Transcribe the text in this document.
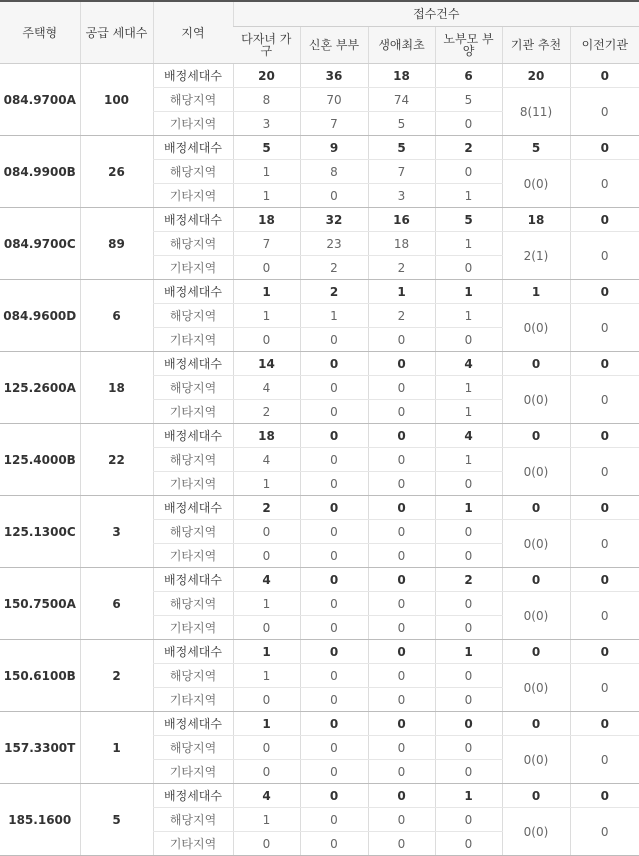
주택형	공급 세대수	지역	접수건수					
			다자녀 가구	신혼 부부	생애최초	노부모 부양	기관 추천	이전기관
084.9700A	100	배정세대수	20	36	18	6	20	0
		해당지역	8	70	74	5	8(11)	0
		기타지역	3	7	5	0		
084.9900B	26	배정세대수	5	9	5	2	5	0
		해당지역	1	8	7	0	0(0)	0
		기타지역	1	0	3	1		
084.9700C	89	배정세대수	18	32	16	5	18	0
		해당지역	7	23	18	1	2(1)	0
		기타지역	0	2	2	0		
084.9600D	6	배정세대수	1	2	1	1	1	0
		해당지역	1	1	2	1	0(0)	0
		기타지역	0	0	0	0		
125.2600A	18	배정세대수	14	0	0	4	0	0
		해당지역	4	0	0	1	0(0)	0
		기타지역	2	0	0	1		
125.4000B	22	배정세대수	18	0	0	4	0	0
		해당지역	4	0	0	1	0(0)	0
		기타지역	1	0	0	0		
125.1300C	3	배정세대수	2	0	0	1	0	0
		해당지역	0	0	0	0	0(0)	0
		기타지역	0	0	0	0		
150.7500A	6	배정세대수	4	0	0	2	0	0
		해당지역	1	0	0	0	0(0)	0
		기타지역	0	0	0	0		
150.6100B	2	배정세대수	1	0	0	1	0	0
		해당지역	1	0	0	0	0(0)	0
		기타지역	0	0	0	0		
157.3300T	1	배정세대수	1	0	0	0	0	0
		해당지역	0	0	0	0	0(0)	0
		기타지역	0	0	0	0		
185.1600	5	배정세대수	4	0	0	1	0	0
		해당지역	1	0	0	0	0(0)	0
		기타지역	0	0	0	0		
